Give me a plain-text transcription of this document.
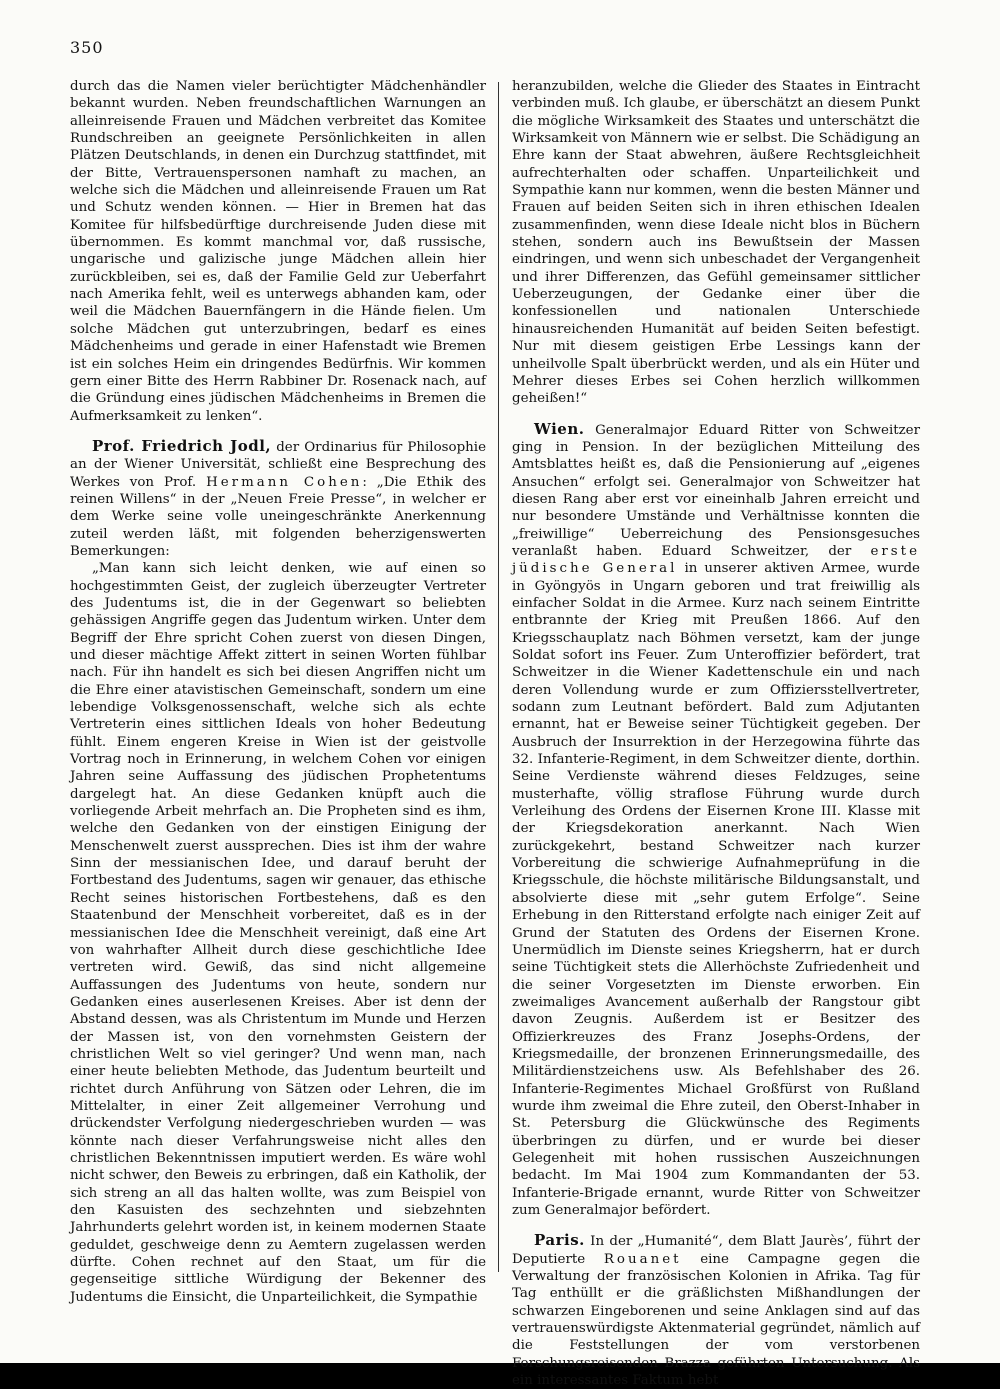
350

durch das die Namen vieler berüchtigter Mädchenhändler bekannt wurden. Neben freundschaftlichen Warnungen an alleinreisende Frauen und Mädchen verbreitet das Komitee Rundschreiben an geeignete Persönlichkeiten in allen Plätzen Deutschlands, in denen ein Durchzug stattfindet, mit der Bitte, Vertrauenspersonen namhaft zu machen, an welche sich die Mädchen und alleinreisende Frauen um Rat und Schutz wenden können. — Hier in Bremen hat das Komitee für hilfsbedürftige durchreisende Juden diese mit übernommen. Es kommt manchmal vor, daß russische, ungarische und galizische junge Mädchen allein hier zurückbleiben, sei es, daß der Familie Geld zur Ueberfahrt nach Amerika fehlt, weil es unterwegs abhanden kam, oder weil die Mädchen Bauernfängern in die Hände fielen. Um solche Mädchen gut unterzubringen, bedarf es eines Mädchenheims und gerade in einer Hafenstadt wie Bremen ist ein solches Heim ein dringendes Bedürfnis. Wir kommen gern einer Bitte des Herrn Rabbiner Dr. Rosenack nach, auf die Gründung eines jüdischen Mädchenheims in Bremen die Aufmerksamkeit zu lenken“.

Prof. Friedrich Jodl, der Ordinarius für Philosophie an der Wiener Universität, schließt eine Besprechung des Werkes von Prof. Hermann Cohen: „Die Ethik des reinen Willens“ in der „Neuen Freie Presse“, in welcher er dem Werke seine volle uneingeschränkte Anerkennung zuteil werden läßt, mit folgenden beherzigenswerten Bemerkungen:

„Man kann sich leicht denken, wie auf einen so hochgestimmten Geist, der zugleich überzeugter Vertreter des Judentums ist, die in der Gegenwart so beliebten gehässigen Angriffe gegen das Judentum wirken. Unter dem Begriff der Ehre spricht Cohen zuerst von diesen Dingen, und dieser mächtige Affekt zittert in seinen Worten fühlbar nach. Für ihn handelt es sich bei diesen Angriffen nicht um die Ehre einer atavistischen Gemeinschaft, sondern um eine lebendige Volksgenossenschaft, welche sich als echte Vertreterin eines sittlichen Ideals von hoher Bedeutung fühlt. Einem engeren Kreise in Wien ist der geistvolle Vortrag noch in Erinnerung, in welchem Cohen vor einigen Jahren seine Auffassung des jüdischen Prophetentums dargelegt hat. An diese Gedanken knüpft auch die vorliegende Arbeit mehrfach an. Die Propheten sind es ihm, welche den Gedanken von der einstigen Einigung der Menschenwelt zuerst aussprechen. Dies ist ihm der wahre Sinn der messianischen Idee, und darauf beruht der Fortbestand des Judentums, sagen wir genauer, das ethische Recht seines historischen Fortbestehens, daß es den Staatenbund der Menschheit vorbereitet, daß es in der messianischen Idee die Menschheit vereinigt, daß eine Art von wahrhafter Allheit durch diese geschichtliche Idee vertreten wird. Gewiß, das sind nicht allgemeine Auffassungen des Judentums von heute, sondern nur Gedanken eines auserlesenen Kreises. Aber ist denn der Abstand dessen, was als Christentum im Munde und Herzen der Massen ist, von den vornehmsten Geistern der christlichen Welt so viel geringer? Und wenn man, nach einer heute beliebten Methode, das Judentum beurteilt und richtet durch Anführung von Sätzen oder Lehren, die im Mittelalter, in einer Zeit allgemeiner Verrohung und drückendster Verfolgung niedergeschrieben wurden — was könnte nach dieser Verfahrungsweise nicht alles den christlichen Bekenntnissen imputiert werden. Es wäre wohl nicht schwer, den Beweis zu erbringen, daß ein Katholik, der sich streng an all das halten wollte, was zum Beispiel von den Kasuisten des sechzehnten und siebzehnten Jahrhunderts gelehrt worden ist, in keinem modernen Staate geduldet, geschweige denn zu Aemtern zugelassen werden dürfte. Cohen rechnet auf den Staat, um für die gegenseitige sittliche Würdigung der Bekenner des Judentums die Einsicht, die Unparteilichkeit, die Sympathie

heranzubilden, welche die Glieder des Staates in Eintracht verbinden muß. Ich glaube, er überschätzt an diesem Punkt die mögliche Wirksamkeit des Staates und unterschätzt die Wirksamkeit von Männern wie er selbst. Die Schädigung an Ehre kann der Staat abwehren, äußere Rechtsgleichheit aufrechterhalten oder schaffen. Unparteilichkeit und Sympathie kann nur kommen, wenn die besten Männer und Frauen auf beiden Seiten sich in ihren ethischen Idealen zusammenfinden, wenn diese Ideale nicht blos in Büchern stehen, sondern auch ins Bewußtsein der Massen eindringen, und wenn sich unbeschadet der Vergangenheit und ihrer Differenzen, das Gefühl gemeinsamer sittlicher Ueberzeugungen, der Gedanke einer über die konfessionellen und nationalen Unterschiede hinausreichenden Humanität auf beiden Seiten befestigt. Nur mit diesem geistigen Erbe Lessings kann der unheilvolle Spalt überbrückt werden, und als ein Hüter und Mehrer dieses Erbes sei Cohen herzlich willkommen geheißen!“

Wien. Generalmajor Eduard Ritter von Schweitzer ging in Pension. In der bezüglichen Mitteilung des Amtsblattes heißt es, daß die Pensionierung auf „eigenes Ansuchen“ erfolgt sei. Generalmajor von Schweitzer hat diesen Rang aber erst vor eineinhalb Jahren erreicht und nur besondere Umstände und Verhältnisse konnten die „freiwillige“ Ueberreichung des Pensionsgesuches veranlaßt haben. Eduard Schweitzer, der erste jüdische General in unserer aktiven Armee, wurde in Gyöngyös in Ungarn geboren und trat freiwillig als einfacher Soldat in die Armee. Kurz nach seinem Eintritte entbrannte der Krieg mit Preußen 1866. Auf den Kriegsschauplatz nach Böhmen versetzt, kam der junge Soldat sofort ins Feuer. Zum Unteroffizier befördert, trat Schweitzer in die Wiener Kadettenschule ein und nach deren Vollendung wurde er zum Offiziersstellvertreter, sodann zum Leutnant befördert. Bald zum Adjutanten ernannt, hat er Beweise seiner Tüchtigkeit gegeben. Der Ausbruch der Insurrektion in der Herzegowina führte das 32. Infanterie-Regiment, in dem Schweitzer diente, dorthin. Seine Verdienste während dieses Feldzuges, seine musterhafte, völlig straflose Führung wurde durch Verleihung des Ordens der Eisernen Krone III. Klasse mit der Kriegsdekoration anerkannt. Nach Wien zurückgekehrt, bestand Schweitzer nach kurzer Vorbereitung die schwierige Aufnahmeprüfung in die Kriegsschule, die höchste militärische Bildungsanstalt, und absolvierte diese mit „sehr gutem Erfolge“. Seine Erhebung in den Ritterstand erfolgte nach einiger Zeit auf Grund der Statuten des Ordens der Eisernen Krone. Unermüdlich im Dienste seines Kriegsherrn, hat er durch seine Tüchtigkeit stets die Allerhöchste Zufriedenheit und die seiner Vorgesetzten im Dienste erworben. Ein zweimaliges Avancement außerhalb der Rangstour gibt davon Zeugnis. Außerdem ist er Besitzer des Offizierkreuzes des Franz Josephs-Ordens, der Kriegsmedaille, der bronzenen Erinnerungsmedaille, des Militärdienstzeichens usw. Als Befehlshaber des 26. Infanterie-Regimentes Michael Großfürst von Rußland wurde ihm zweimal die Ehre zuteil, den Oberst-Inhaber in St. Petersburg die Glückwünsche des Regiments überbringen zu dürfen, und er wurde bei dieser Gelegenheit mit hohen russischen Auszeichnungen bedacht. Im Mai 1904 zum Kommandanten der 53. Infanterie-Brigade ernannt, wurde Ritter von Schweitzer zum Generalmajor befördert.

Paris. In der „Humanité“, dem Blatt Jaurès’, führt der Deputierte Rouanet eine Campagne gegen die Verwaltung der französischen Kolonien in Afrika. Tag für Tag enthüllt er die gräßlichsten Mißhandlungen der schwarzen Eingeborenen und seine Anklagen sind auf das vertrauenswürdigste Aktenmaterial gegründet, nämlich auf die Feststellungen der vom verstorbenen Forschungsreisenden Brazza geführten Untersuchung. Als ein interessantes Faktum hebt
